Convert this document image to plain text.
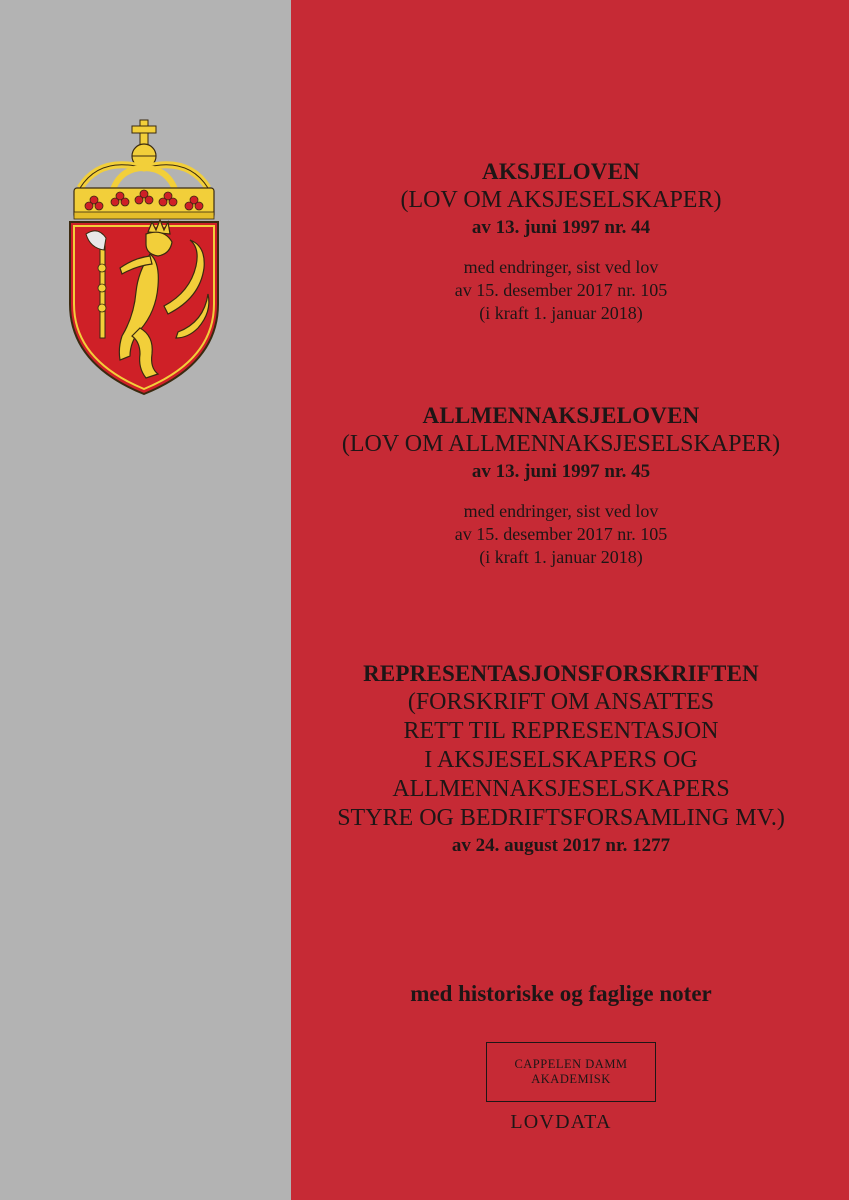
AKSJELOVEN
(LOV OM AKSJESELSKAPER)
av 13. juni 1997 nr. 44
med endringer, sist ved lov
av 15. desember 2017 nr. 105
(i kraft 1. januar 2018)
ALLMENNAKSJELOVEN
(LOV OM ALLMENNAKSJESELSKAPER)
av 13. juni 1997 nr. 45
med endringer, sist ved lov
av 15. desember 2017 nr. 105
(i kraft 1. januar 2018)
REPRESENTASJONSFORSKRIFTEN
(FORSKRIFT OM ANSATTES
RETT TIL REPRESENTASJON
I AKSJESELSKAPERS OG
ALLMENNAKSJESELSKAPERS
STYRE OG BEDRIFTSFORSAMLING MV.)
av 24. august 2017 nr. 1277
med historiske og faglige noter
CAPPELEN DAMM
AKADEMISK
LOVDATA
